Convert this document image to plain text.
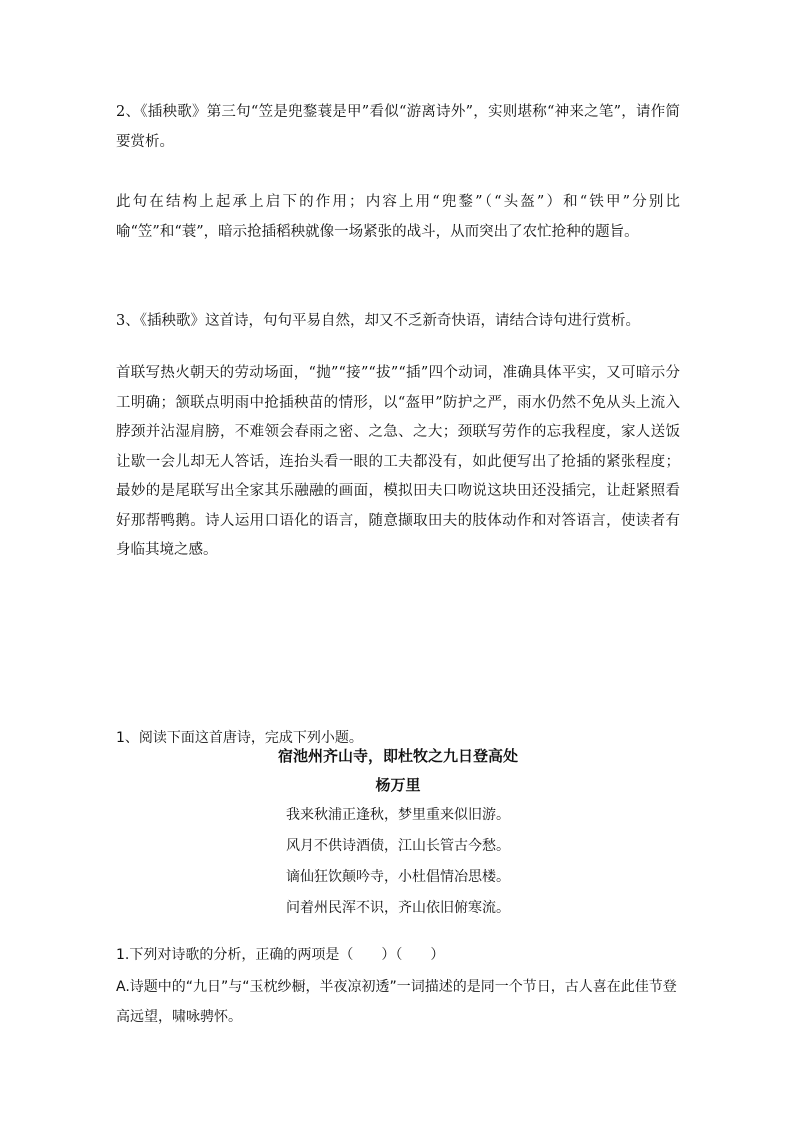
2、《插秧歌》第三句“笠是兜鍪蓑是甲”看似“游离诗外”，实则堪称“神来之笔”，请作简要赏析。

此句在结构上起承上启下的作用；内容上用“兜鍪”（“头盔”）和“铁甲”分别比喻“笠”和“蓑”，暗示抢插稻秧就像一场紧张的战斗，从而突出了农忙抢种的题旨。

3、《插秧歌》这首诗，句句平易自然，却又不乏新奇快语，请结合诗句进行赏析。

首联写热火朝天的劳动场面，“抛”“接”“拔”“插”四个动词，准确具体平实，又可暗示分工明确；颔联点明雨中抢插秧苗的情形，以“盔甲”防护之严，雨水仍然不免从头上流入脖颈并沾湿肩膀，不难领会春雨之密、之急、之大；颈联写劳作的忘我程度，家人送饭让歇一会儿却无人答话，连抬头看一眼的工夫都没有，如此便写出了抢插的紧张程度；最妙的是尾联写出全家其乐融融的画面，模拟田夫口吻说这块田还没插完，让赶紧照看好那帮鸭鹅。诗人运用口语化的语言，随意撷取田夫的肢体动作和对答语言，使读者有身临其境之感。

1、阅读下面这首唐诗，完成下列小题。

宿池州齐山寺，即杜牧之九日登高处

杨万里

我来秋浦正逢秋，梦里重来似旧游。
风月不供诗酒债，江山长管古今愁。
谪仙狂饮颠吟寺，小杜倡情冶思楼。
问着州民浑不识，齐山依旧俯寒流。

1.下列对诗歌的分析，正确的两项是（　　）（　　）

A.诗题中的“九日”与“玉枕纱橱，半夜凉初透”一词描述的是同一个节日，古人喜在此佳节登高远望，啸咏骋怀。
